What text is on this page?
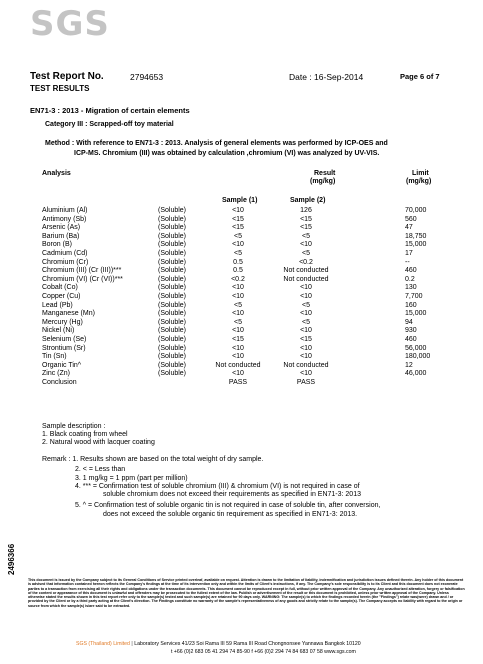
SGS
Test Report No.	2794653	Date : 16-Sep-2014	Page 6 of 7
TEST RESULTS
EN71-3 : 2013 - Migration of certain elements
Category III : Scrapped-off toy material
Method : With reference to EN71-3 : 2013. Analysis of general elements was performed by ICP-OES and
ICP-MS. Chromium (III) was obtained by calculation ,chromium (VI) was analyzed by UV-VIS.
Analysis	Result
(mg/kg)
Limit
(mg/kg)
Sample (1)	Sample (2)
Aluminium (Al)	(Soluble)	<10	126	70,000
Antimony (Sb)	(Soluble)	<15	<15	560
Arsenic (As)	(Soluble)	<15	<15	47
Barium (Ba)	(Soluble)	<5	<5	18,750
Boron (B)	(Soluble)	<10	<10	15,000
Cadmium (Cd)	(Soluble)	<5	<5	17
Chromium (Cr)	(Soluble)	0.5	<0.2	--
Chromium (III) (Cr (III))***	(Soluble)	0.5	Not conducted	460
Chromium (VI) (Cr (VI))***	(Soluble)	<0.2	Not conducted	0.2
Cobalt (Co)	(Soluble)	<10	<10	130
Copper (Cu)	(Soluble)	<10	<10	7,700
Lead (Pb)	(Soluble)	<5	<5	160
Manganese (Mn)	(Soluble)	<10	<10	15,000
Mercury (Hg)	(Soluble)	<5	<5	94
Nickel (Ni)	(Soluble)	<10	<10	930
Selenium (Se)	(Soluble)	<15	<15	460
Strontium (Sr)	(Soluble)	<10	<10	56,000
Tin (Sn)	(Soluble)	<10	<10	180,000
Organic Tin^	(Soluble)	Not conducted	Not conducted	12
Zinc (Zn)	(Soluble)	<10	<10	46,000
Conclusion	PASS	PASS
Sample description :
1. Black coating from wheel
2. Natural wood with lacquer coating
Remark : 1. Results shown are based on the total weight of dry sample.
2. < = Less than
3. 1 mg/kg = 1 ppm (part per million)
4. *** = Confirmation test of soluble chromium (III) & chromium (VI) is not required in case of
soluble chromium does not exceed their requirements as specified in EN71-3: 2013
5. ^ = Confirmation test of soluble organic tin is not required in case of soluble tin, after conversion,
does not exceed the soluble organic tin requirement as specified in EN71-3: 2013.
2496366
This document is issued by the Company subject to its General Conditions of Service printed overleaf, available on request. Attention is drawn to the limitation of liability, indemnification and jurisdiction issues defined therein. Any holder of this document is advised that information contained hereon reflects the Company's findings at the time of its intervention only and within the limits of Client's instructions, if any. The Company's sole responsibility is to its Client and this document does not exonerate parties to a transaction from exercising all their rights and obligations under the transaction documents. This document cannot be reproduced except in full, without prior written approval of the Company. Any unauthorized alteration, forgery or falsification of the content or appearance of this document is unlawful and offenders may be prosecuted to the fullest extent of the law. Publish or advertisement of the result or this document is prohibited, unless prior written approval of the Company. Unless otherwise stated the results shown in this test report refer only to the sample(s) tested and such sample(s) are retained for 90 days only. WARNING: The sample(s) to which the findings recorded herein (the "Findings") relate was(were) drawn and / or provided by the Client or by a third party acting at the Client's direction. The Findings constitute no warranty of the sample's representativeness of any goods and strictly relate to the sample(s). The Company accepts no liability with regard to the origin or source from which the sample(s) is/are said to be extracted.
SGS (Thailand) Limited | Laboratory Services 41/23 Soi Rama III 59 Rama III Road Chongnonsee Yannawa Bangkok 10120
t +66 (0)2 683 05 41 294 74 85-90 f +66 (0)2 294 74 84 683 07 58 www.sgs.com
